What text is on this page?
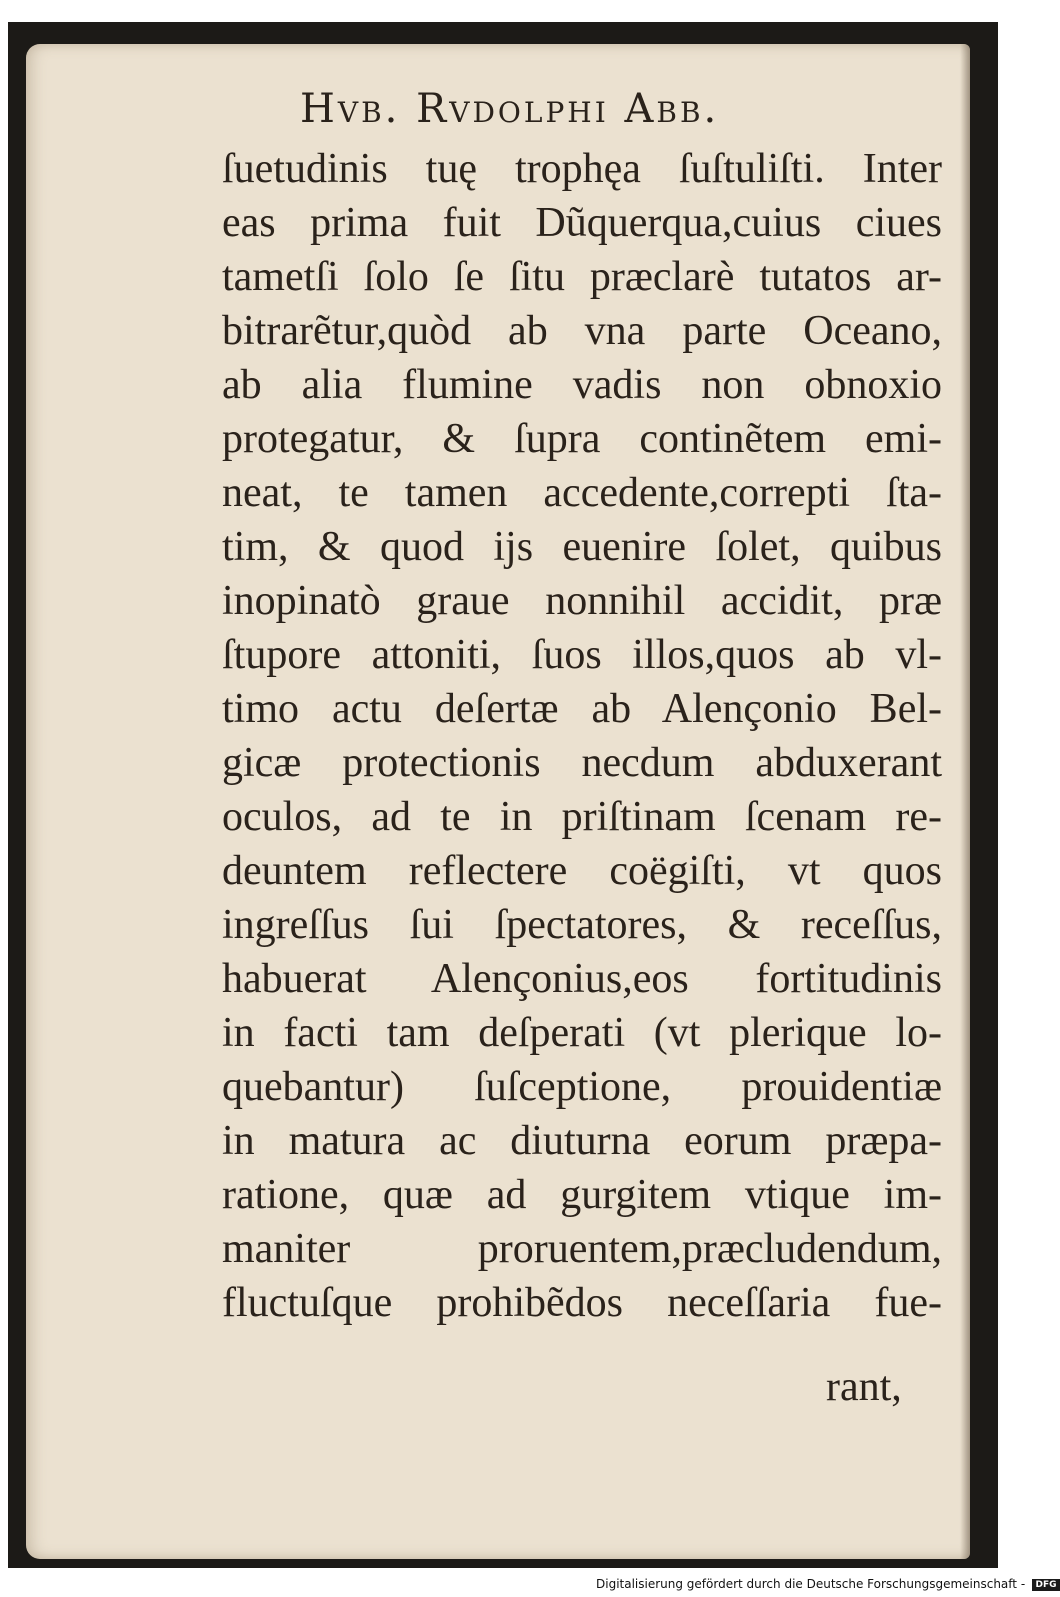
Hvb. Rvdolphi Abb.
ſuetudinis tuę trophęa ſuſtuliſti. Inter
eas prima fuit Dũquerqua,cuius ciues
tametſi ſolo ſe ſitu præclarè tutatos ar-
bitrarẽtur,quòd ab vna parte Oceano,
ab alia flumine vadis non obnoxio
protegatur, & ſupra continẽtem emi-
neat, te tamen accedente,correpti ſta-
tim, & quod ijs euenire ſolet, quibus
inopinatò graue nonnihil accidit, præ
ſtupore attoniti, ſuos illos,quos ab vl-
timo actu deſertæ ab Alençonio Bel-
gicæ protectionis necdum abduxerant
oculos, ad te in priſtinam ſcenam re-
deuntem reflectere coëgiſti, vt quos
ingreſſus ſui ſpectatores, & receſſus,
habuerat Alençonius,eos fortitudinis
in facti tam deſperati (vt plerique lo-
quebantur) ſuſceptione, prouidentiæ
in matura ac diuturna eorum præpa-
ratione, quæ ad gurgitem vtique im-
maniter proruentem,præcludendum,
fluctuſque prohibẽdos neceſſaria fue-
rant,
Digitalisierung gefördert durch die Deutsche Forschungsgemeinschaft - DFG
